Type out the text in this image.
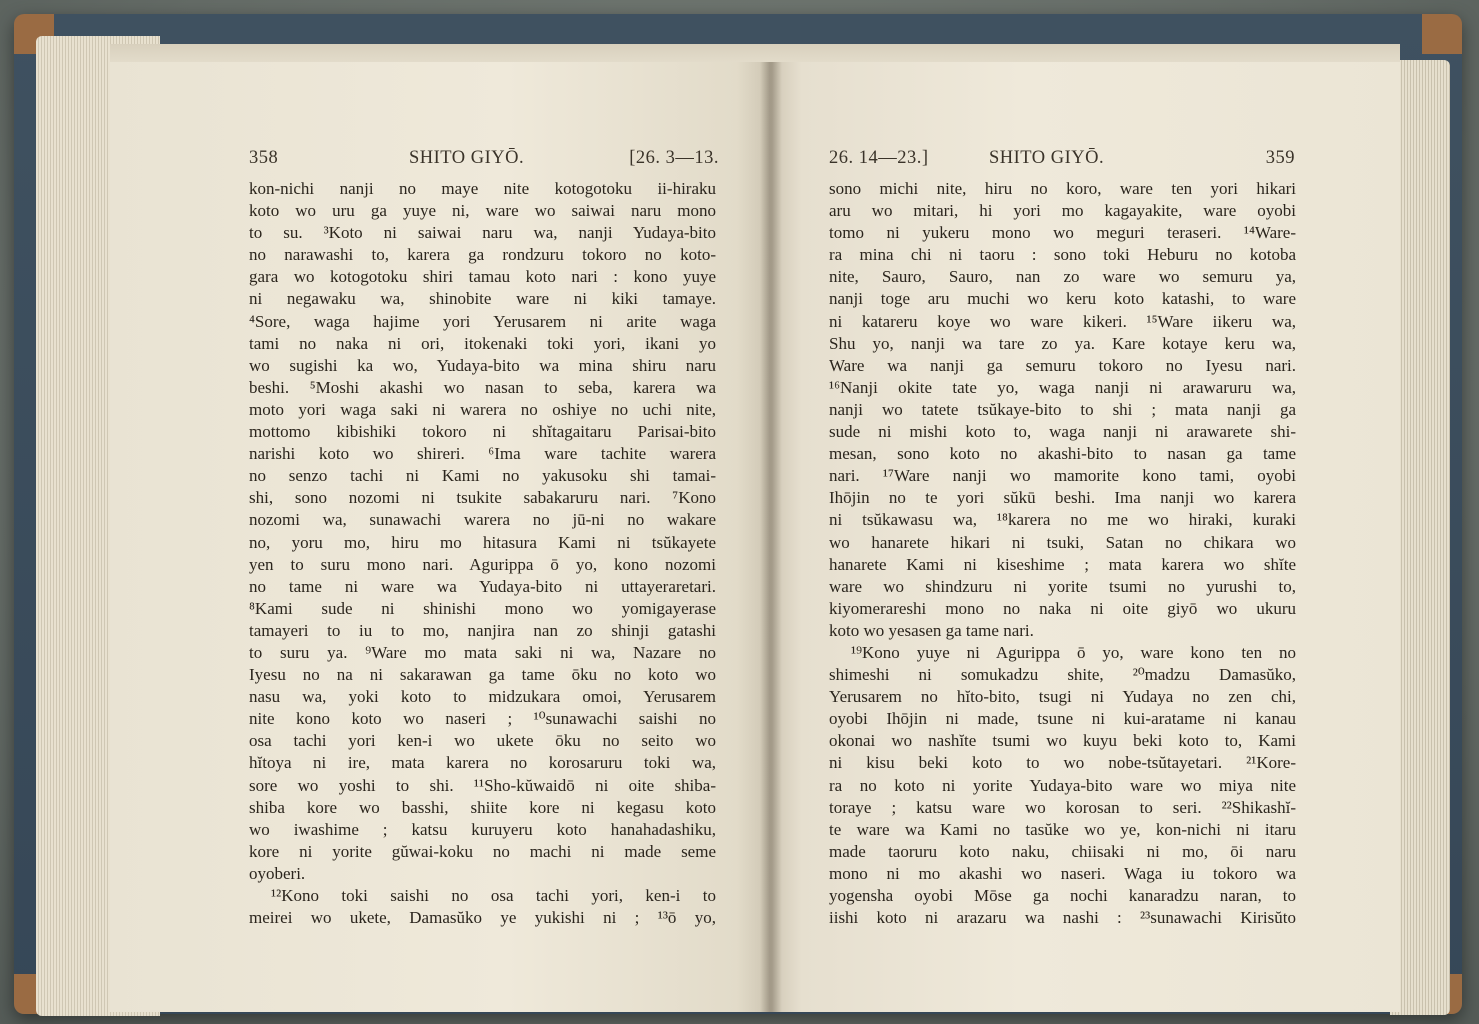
358	SHITO GIYŌ.	[26. 3—13.	26. 14—23.]	SHITO GIYŌ.	359
kon-nichi nanji no maye nite kotogotoku ii-hiraku
koto wo uru ga yuye ni, ware wo saiwai naru mono
to su. ³Koto ni saiwai naru wa, nanji Yudaya-bito
no narawashi to, karera ga rondzuru tokoro no koto-
gara wo kotogotoku shiri tamau koto nari : kono yuye
ni negawaku wa, shinobite ware ni kiki tamaye.
⁴Sore, waga hajime yori Yerusarem ni arite waga
tami no naka ni ori, itokenaki toki yori, ikani yo
wo sugishi ka wo, Yudaya-bito wa mina shiru naru
beshi. ⁵Moshi akashi wo nasan to seba, karera wa
moto yori waga saki ni warera no oshiye no uchi nite,
mottomo kibishiki tokoro ni shĭtagaitaru Parisai-bito
narishi koto wo shireri. ⁶Ima ware tachite warera
no senzo tachi ni Kami no yakusoku shi tamai-
shi, sono nozomi ni tsukite sabakaruru nari. ⁷Kono
nozomi wa, sunawachi warera no jū-ni no wakare
no, yoru mo, hiru mo hitasura Kami ni tsŭkayete
yen to suru mono nari. Agurippa ō yo, kono nozomi
no tame ni ware wa Yudaya-bito ni uttayeraretari.
⁸Kami sude ni shinishi mono wo yomigayerase
tamayeri to iu to mo, nanjira nan zo shinji gatashi
to suru ya. ⁹Ware mo mata saki ni wa, Nazare no
Iyesu no na ni sakarawan ga tame ōku no koto wo
nasu wa, yoki koto to midzukara omoi, Yerusarem
nite kono koto wo naseri ; ¹⁰sunawachi saishi no
osa tachi yori ken-i wo ukete ōku no seito wo
hĭtoya ni ire, mata karera no korosaruru toki wa,
sore wo yoshi to shi. ¹¹Sho-kŭwaidō ni oite shiba-
shiba kore wo basshi, shiite kore ni kegasu koto
wo iwashime ; katsu kuruyeru koto hanahadashiku,
kore ni yorite gŭwai-koku no machi ni made seme
oyoberi.
¹²Kono toki saishi no osa tachi yori, ken-i to
meirei wo ukete, Damasŭko ye yukishi ni ; ¹³ō yo,
sono michi nite, hiru no koro, ware ten yori hikari
aru wo mitari, hi yori mo kagayakite, ware oyobi
tomo ni yukeru mono wo meguri teraseri. ¹⁴Ware-
ra mina chi ni taoru : sono toki Heburu no kotoba
nite, Sauro, Sauro, nan zo ware wo semuru ya,
nanji toge aru muchi wo keru koto katashi, to ware
ni katareru koye wo ware kikeri. ¹⁵Ware iikeru wa,
Shu yo, nanji wa tare zo ya. Kare kotaye keru wa,
Ware wa nanji ga semuru tokoro no Iyesu nari.
¹⁶Nanji okite tate yo, waga nanji ni arawaruru wa,
nanji wo tatete tsŭkaye-bito to shi ; mata nanji ga
sude ni mishi koto to, waga nanji ni arawarete shi-
mesan, sono koto no akashi-bito to nasan ga tame
nari. ¹⁷Ware nanji wo mamorite kono tami, oyobi
Ihōjin no te yori sŭkū beshi. Ima nanji wo karera
ni tsŭkawasu wa, ¹⁸karera no me wo hiraki, kuraki
wo hanarete hikari ni tsuki, Satan no chikara wo
hanarete Kami ni kiseshime ; mata karera wo shĭte
ware wo shindzuru ni yorite tsumi no yurushi to,
kiyomerareshi mono no naka ni oite giyō wo ukuru
koto wo yesasen ga tame nari.
¹⁹Kono yuye ni Agurippa ō yo, ware kono ten no
shimeshi ni somukadzu shite, ²⁰madzu Damasŭko,
Yerusarem no hĭto-bito, tsugi ni Yudaya no zen chi,
oyobi Ihōjin ni made, tsune ni kui-aratame ni kanau
okonai wo nashĭte tsumi wo kuyu beki koto to, Kami
ni kisu beki koto to wo nobe-tsŭtayetari. ²¹Kore-
ra no koto ni yorite Yudaya-bito ware wo miya nite
toraye ; katsu ware wo korosan to seri. ²²Shikashĭ-
te ware wa Kami no tasŭke wo ye, kon-nichi ni itaru
made taoruru koto naku, chiisaki ni mo, ōi naru
mono ni mo akashi wo naseri. Waga iu tokoro wa
yogensha oyobi Mōse ga nochi kanaradzu naran, to
iishi koto ni arazaru wa nashi : ²³sunawachi Kirisŭto
